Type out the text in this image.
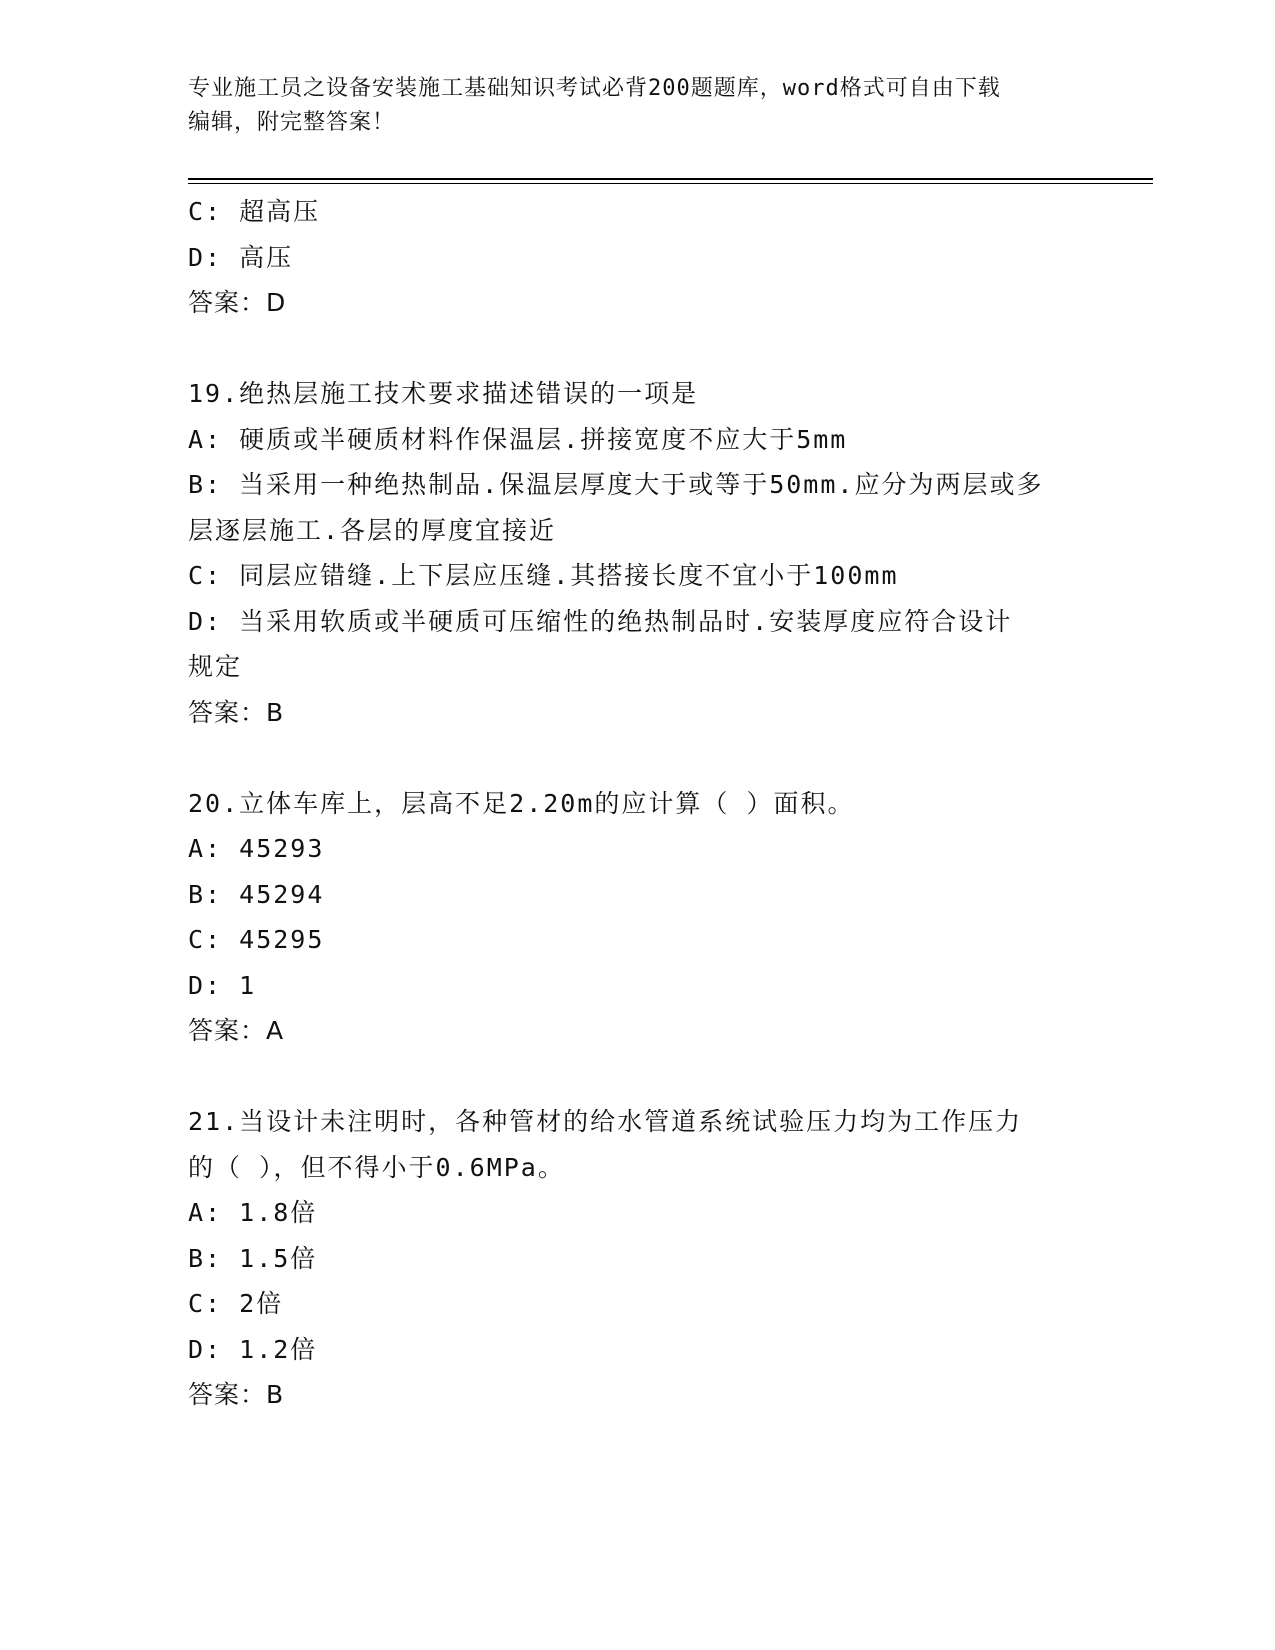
专业施工员之设备安装施工基础知识考试必背200题题库，word格式可自由下载
编辑，附完整答案！
C: 超高压
D: 高压
答案：D
19.绝热层施工技术要求描述错误的一项是
A: 硬质或半硬质材料作保温层.拼接宽度不应大于5mm
B: 当采用一种绝热制品.保温层厚度大于或等于50mm.应分为两层或多
层逐层施工.各层的厚度宜接近
C: 同层应错缝.上下层应压缝.其搭接长度不宜小于100mm
D: 当采用软质或半硬质可压缩性的绝热制品时.安装厚度应符合设计
规定
答案：B
20.立体车库上，层高不足2.20m的应计算（ ）面积。
A: 45293
B: 45294
C: 45295
D: 1
答案：A
21.当设计未注明时，各种管材的给水管道系统试验压力均为工作压力
的（ ），但不得小于0.6MPa。
A: 1.8倍
B: 1.5倍
C: 2倍
D: 1.2倍
答案：B
